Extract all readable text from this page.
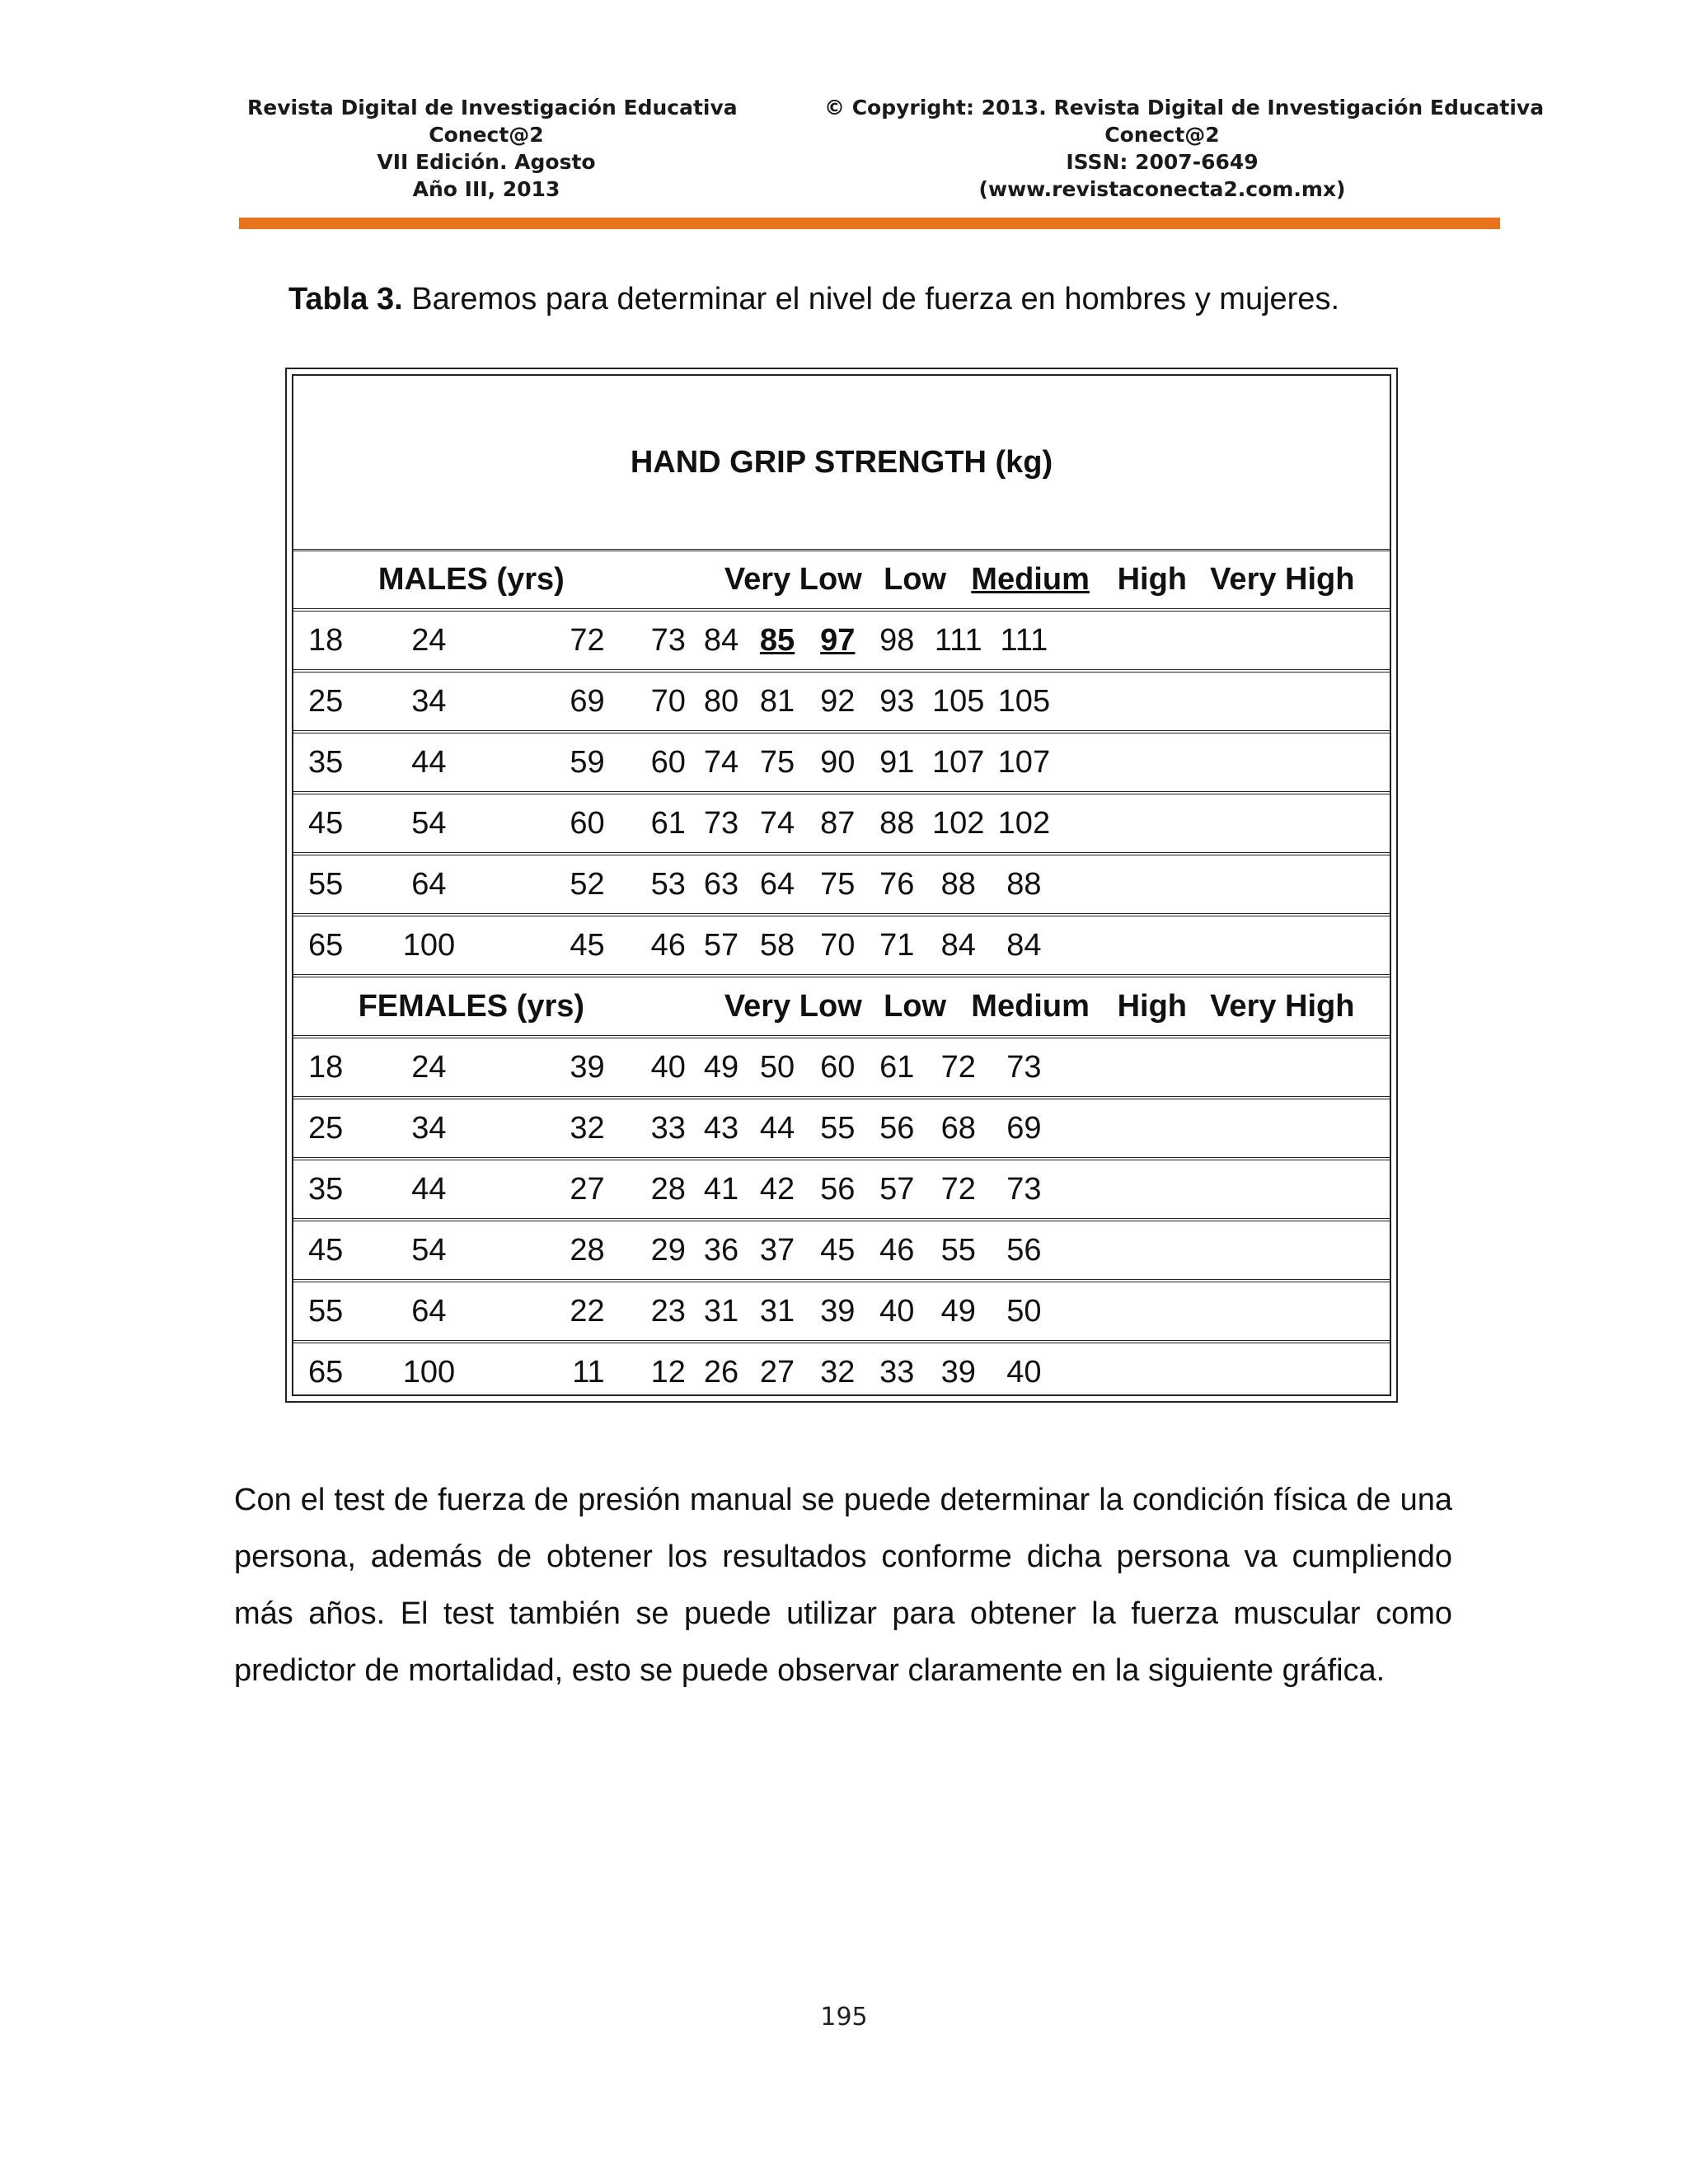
Revista Digital de Investigación Educativa
Conect@2
VII Edición. Agosto
Año III, 2013
© Copyright: 2013. Revista Digital de Investigación Educativa
Conect@2
ISSN: 2007-6649
(www.revistaconecta2.com.mx)
Tabla 3. Baremos para determinar el nivel de fuerza en hombres y mujeres.
HAND GRIP STRENGTH (kg)
MALES (yrs)	Very Low Low Medium High Very High
18 24	72 73 84 85 97 98 111 111
25 34	69 70 80 81 92 93 105 105
35 44	59 60 74 75 90 91 107 107
45 54	60 61 73 74 87 88 102 102
55 64	52 53 63 64 75 76 88 88
65 100	45 46 57 58 70 71 84 84
FEMALES (yrs)	Very Low Low Medium High Very High
18 24	39 40 49 50 60 61 72 73
25 34	32 33 43 44 55 56 68 69
35 44	27 28 41 42 56 57 72 73
45 54	28 29 36 37 45 46 55 56
55 64	22 23 31 31 39 40 49 50
65 100	11 12 26 27 32 33 39 40
Con el test de fuerza de presión manual se puede determinar la condición física de una persona, además de obtener los resultados conforme dicha persona va cumpliendo más años. El test también se puede utilizar para obtener la fuerza muscular como predictor de mortalidad, esto se puede observar claramente en la siguiente gráfica.
195
